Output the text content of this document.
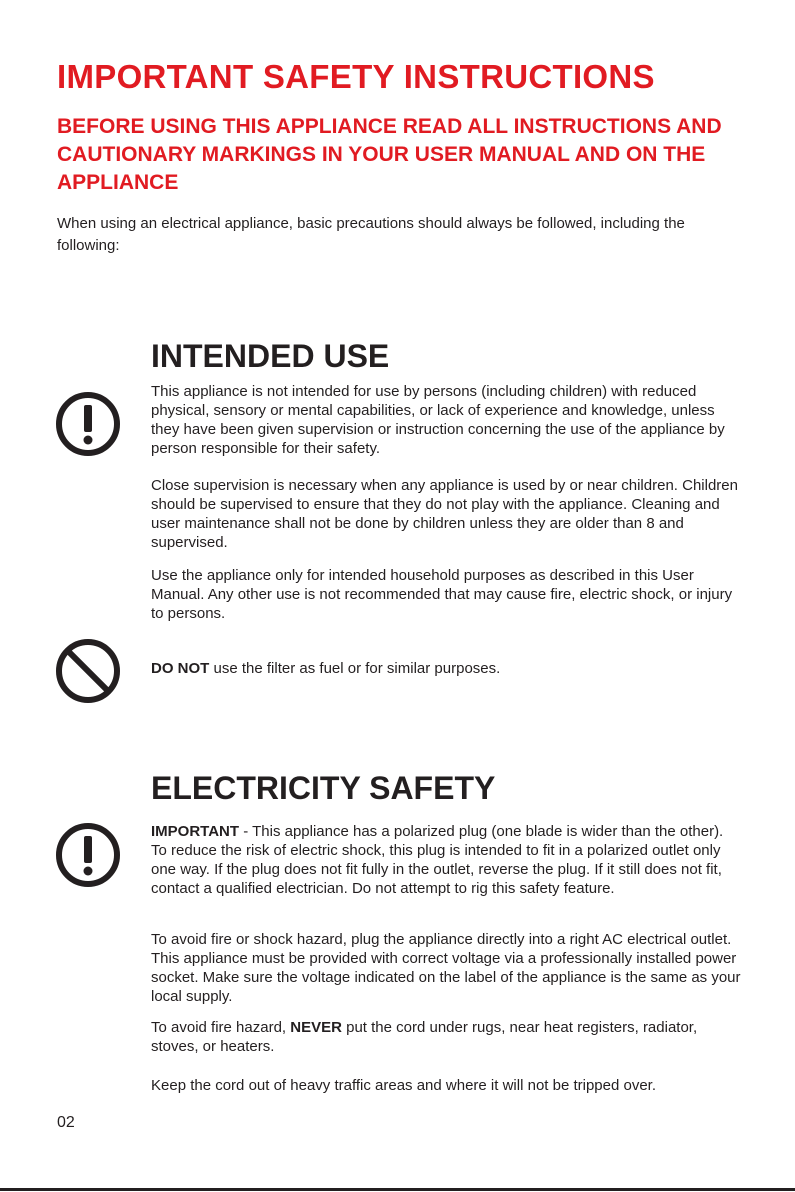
IMPORTANT SAFETY INSTRUCTIONS
BEFORE USING THIS APPLIANCE READ ALL INSTRUCTIONS AND CAUTIONARY MARKINGS IN YOUR USER MANUAL AND ON THE APPLIANCE

When using an electrical appliance, basic precautions should always be followed, including the following:

INTENDED USE

This appliance is not intended for use by persons (including children) with reduced physical, sensory or mental capabilities, or lack of experience and knowledge, unless they have been given supervision or instruction concerning the use of the appliance by person responsible for their safety.

Close supervision is necessary when any appliance is used by or near children. Children should be supervised to ensure that they do not play with the appliance. Cleaning and user maintenance shall not be done by children unless they are older than 8 and supervised.

Use the appliance only for intended household purposes as described in this User Manual. Any other use is not recommended that may cause fire, electric shock, or injury to persons.

DO NOT use the filter as fuel or for similar purposes.

ELECTRICITY SAFETY

IMPORTANT - This appliance has a polarized plug (one blade is wider than the other). To reduce the risk of electric shock, this plug is intended to fit in a polarized outlet only one way. If the plug does not fit fully in the outlet, reverse the plug. If it still does not fit, contact a qualified electrician. Do not attempt to rig this safety feature.

To avoid fire or shock hazard, plug the appliance directly into a right AC electrical outlet. This appliance must be provided with correct voltage via a professionally installed power socket. Make sure the voltage indicated on the label of the appliance is the same as your local supply.

To avoid fire hazard, NEVER put the cord under rugs, near heat registers, radiator, stoves, or heaters.

Keep the cord out of heavy traffic areas and where it will not be tripped over.

02
